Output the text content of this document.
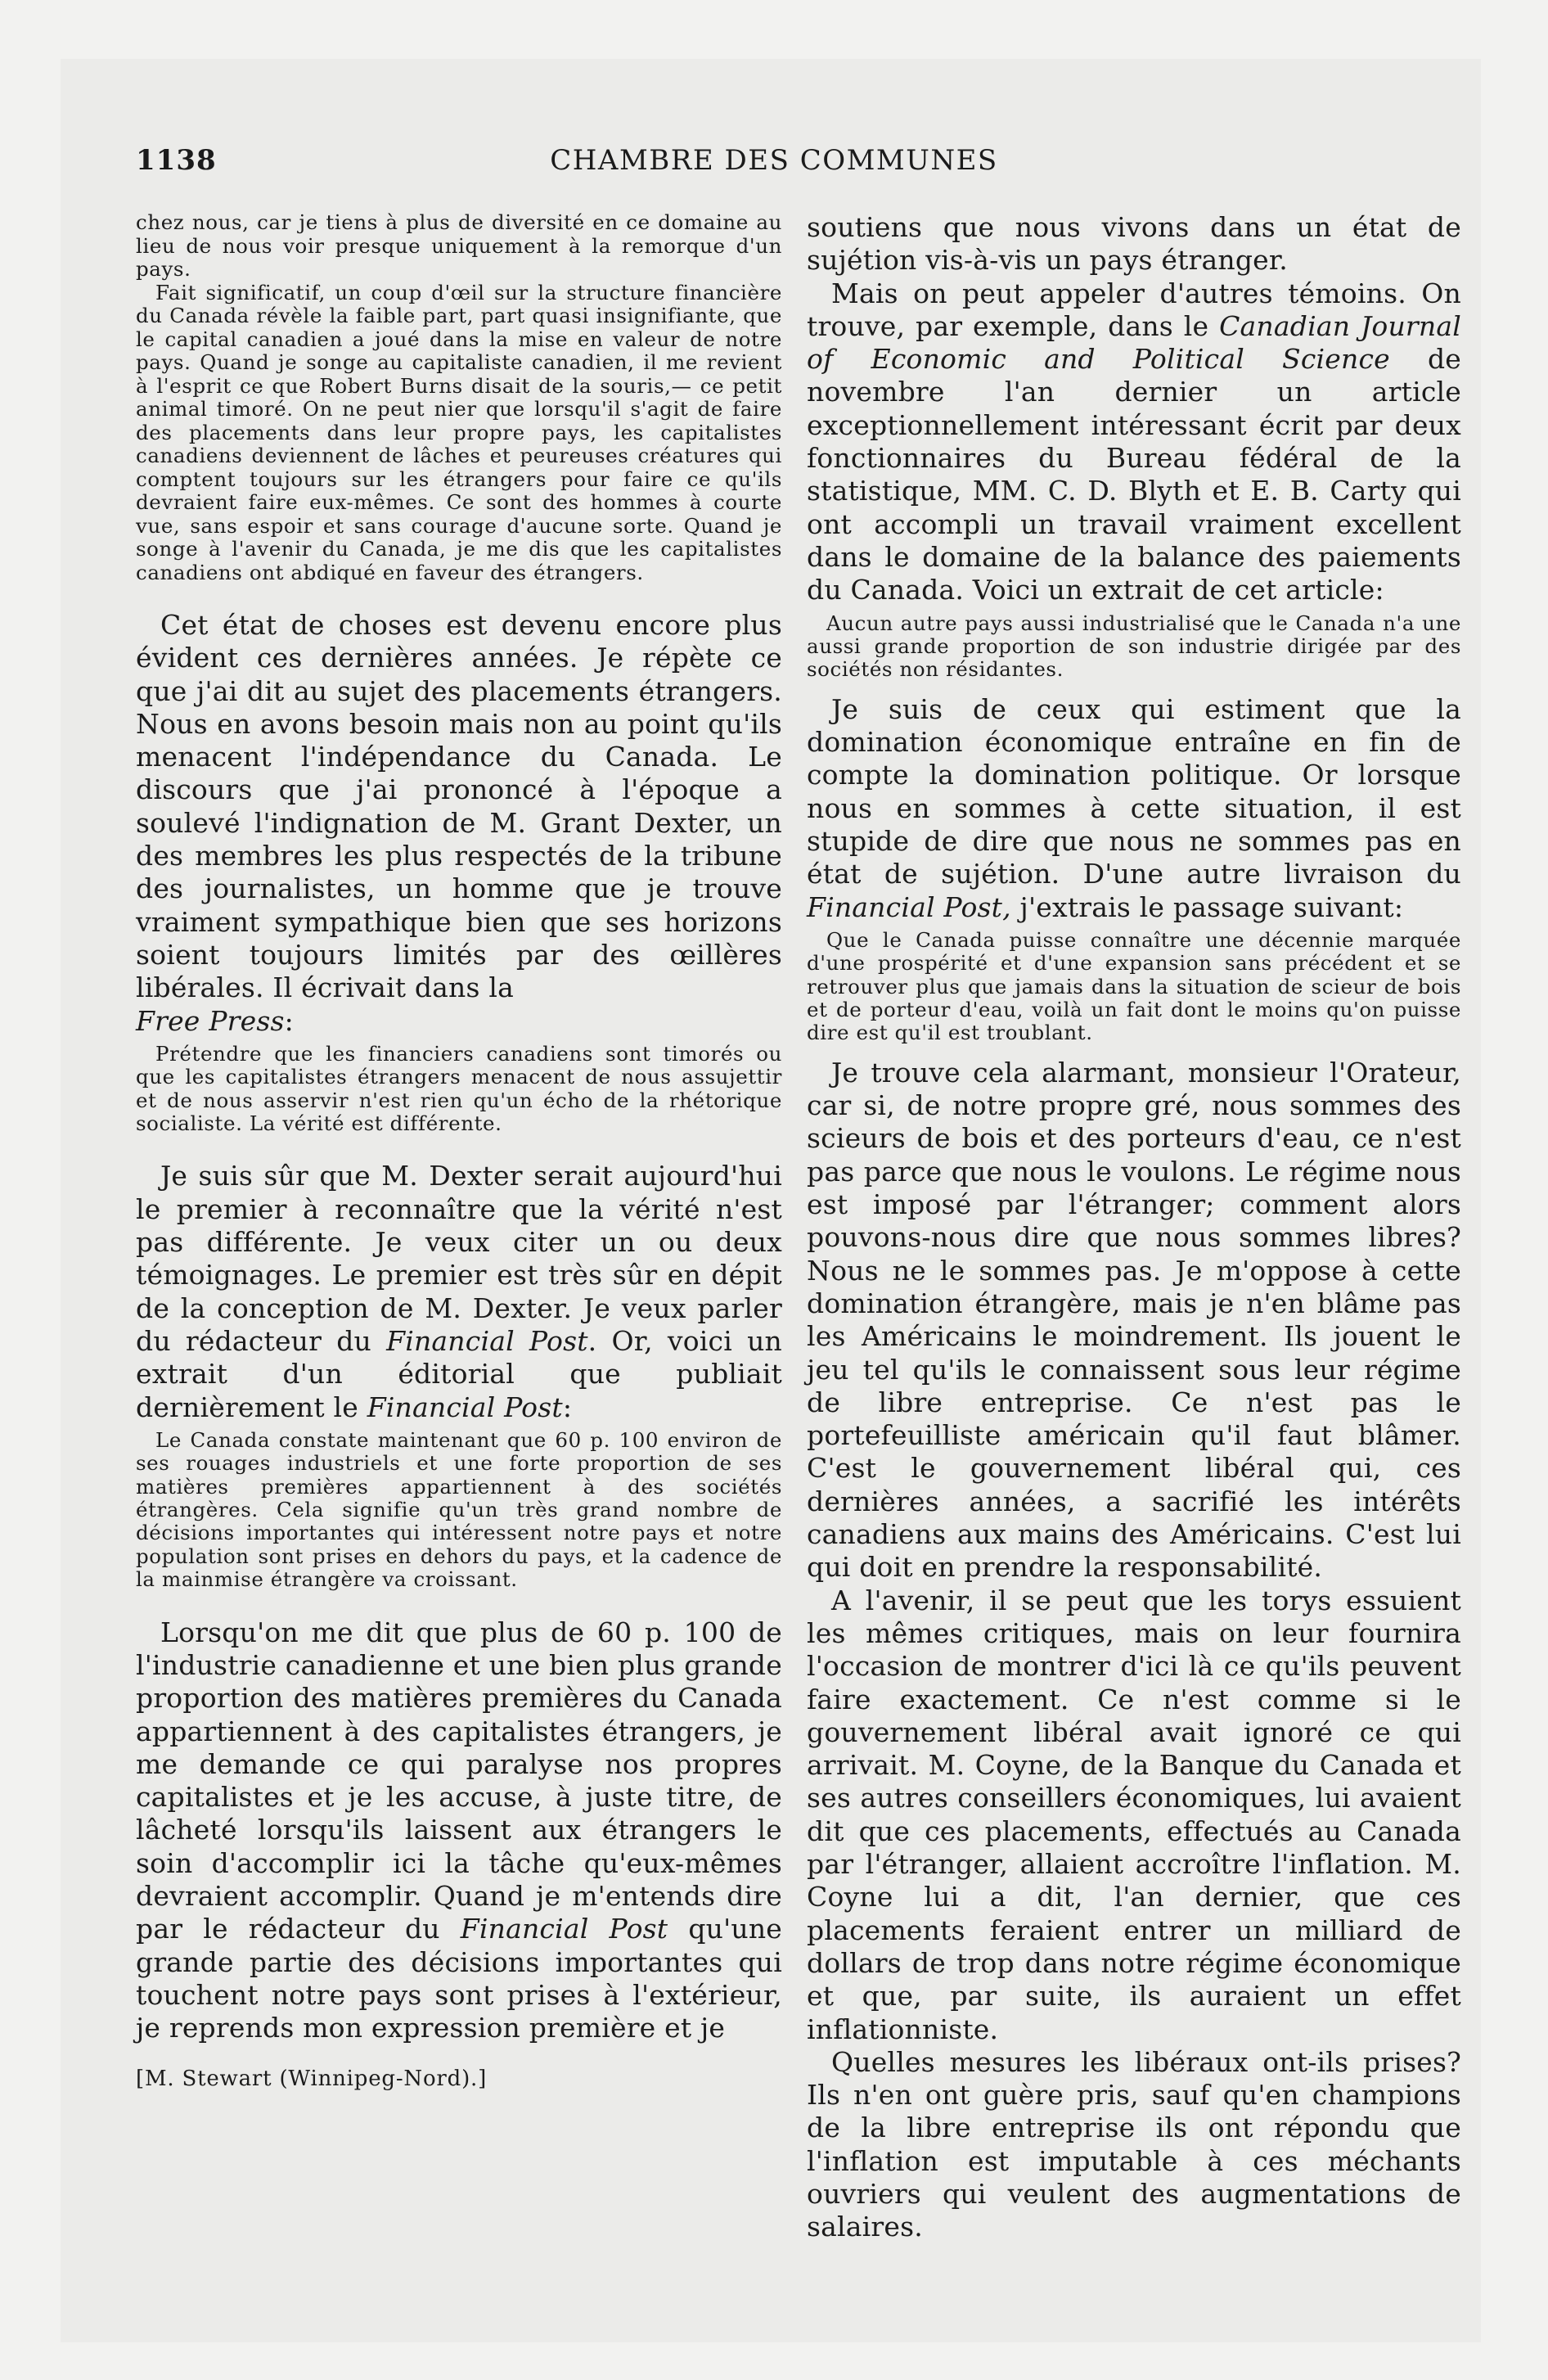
1138	CHAMBRE DES COMMUNES

chez nous, car je tiens à plus de diversité en ce domaine au lieu de nous voir presque uniquement à la remorque d'un pays.

Fait significatif, un coup d'œil sur la structure financière du Canada révèle la faible part, part quasi insignifiante, que le capital canadien a joué dans la mise en valeur de notre pays. Quand je songe au capitaliste canadien, il me revient à l'esprit ce que Robert Burns disait de la souris,— ce petit animal timoré. On ne peut nier que lorsqu'il s'agit de faire des placements dans leur propre pays, les capitalistes canadiens deviennent de lâches et peureuses créatures qui comptent toujours sur les étrangers pour faire ce qu'ils devraient faire eux-mêmes. Ce sont des hommes à courte vue, sans espoir et sans courage d'aucune sorte. Quand je songe à l'avenir du Canada, je me dis que les capitalistes canadiens ont abdiqué en faveur des étrangers.

Cet état de choses est devenu encore plus évident ces dernières années. Je répète ce que j'ai dit au sujet des placements étrangers. Nous en avons besoin mais non au point qu'ils menacent l'indépendance du Canada. Le discours que j'ai prononcé à l'époque a soulevé l'indignation de M. Grant Dexter, un des membres les plus respectés de la tribune des journalistes, un homme que je trouve vraiment sympathique bien que ses horizons soient toujours limités par des œillères libérales. Il écrivait dans la
Free Press:

Prétendre que les financiers canadiens sont timorés ou que les capitalistes étrangers menacent de nous assujettir et de nous asservir n'est rien qu'un écho de la rhétorique socialiste. La vérité est différente.

Je suis sûr que M. Dexter serait aujourd'hui le premier à reconnaître que la vérité n'est pas différente. Je veux citer un ou deux témoignages. Le premier est très sûr en dépit de la conception de M. Dexter. Je veux parler du rédacteur du Financial Post. Or, voici un extrait d'un éditorial que publiait dernièrement le Financial Post:

Le Canada constate maintenant que 60 p. 100 environ de ses rouages industriels et une forte proportion de ses matières premières appartiennent à des sociétés étrangères. Cela signifie qu'un très grand nombre de décisions importantes qui intéressent notre pays et notre population sont prises en dehors du pays, et la cadence de la mainmise étrangère va croissant.

Lorsqu'on me dit que plus de 60 p. 100 de l'industrie canadienne et une bien plus grande proportion des matières premières du Canada appartiennent à des capitalistes étrangers, je me demande ce qui paralyse nos propres capitalistes et je les accuse, à juste titre, de lâcheté lorsqu'ils laissent aux étrangers le soin d'accomplir ici la tâche qu'eux-mêmes devraient accomplir. Quand je m'entends dire par le rédacteur du Financial Post qu'une grande partie des décisions importantes qui touchent notre pays sont prises à l'extérieur, je reprends mon expression première et je

[M. Stewart (Winnipeg-Nord).]

soutiens que nous vivons dans un état de sujétion vis-à-vis un pays étranger.

Mais on peut appeler d'autres témoins. On trouve, par exemple, dans le Canadian Journal of Economic and Political Science de novembre l'an dernier un article exceptionnellement intéressant écrit par deux fonctionnaires du Bureau fédéral de la statistique, MM. C. D. Blyth et E. B. Carty qui ont accompli un travail vraiment excellent dans le domaine de la balance des paiements du Canada. Voici un extrait de cet article:

Aucun autre pays aussi industrialisé que le Canada n'a une aussi grande proportion de son industrie dirigée par des sociétés non résidantes.

Je suis de ceux qui estiment que la domination économique entraîne en fin de compte la domination politique. Or lorsque nous en sommes à cette situation, il est stupide de dire que nous ne sommes pas en état de sujétion. D'une autre livraison du Financial Post, j'extrais le passage suivant:

Que le Canada puisse connaître une décennie marquée d'une prospérité et d'une expansion sans précédent et se retrouver plus que jamais dans la situation de scieur de bois et de porteur d'eau, voilà un fait dont le moins qu'on puisse dire est qu'il est troublant.

Je trouve cela alarmant, monsieur l'Orateur, car si, de notre propre gré, nous sommes des scieurs de bois et des porteurs d'eau, ce n'est pas parce que nous le voulons. Le régime nous est imposé par l'étranger; comment alors pouvons-nous dire que nous sommes libres? Nous ne le sommes pas. Je m'oppose à cette domination étrangère, mais je n'en blâme pas les Américains le moindrement. Ils jouent le jeu tel qu'ils le connaissent sous leur régime de libre entreprise. Ce n'est pas le portefeuilliste américain qu'il faut blâmer. C'est le gouvernement libéral qui, ces dernières années, a sacrifié les intérêts canadiens aux mains des Américains. C'est lui qui doit en prendre la responsabilité.

A l'avenir, il se peut que les torys essuient les mêmes critiques, mais on leur fournira l'occasion de montrer d'ici là ce qu'ils peuvent faire exactement. Ce n'est comme si le gouvernement libéral avait ignoré ce qui arrivait. M. Coyne, de la Banque du Canada et ses autres conseillers économiques, lui avaient dit que ces placements, effectués au Canada par l'étranger, allaient accroître l'inflation. M. Coyne lui a dit, l'an dernier, que ces placements feraient entrer un milliard de dollars de trop dans notre régime économique et que, par suite, ils auraient un effet inflationniste.

Quelles mesures les libéraux ont-ils prises? Ils n'en ont guère pris, sauf qu'en champions de la libre entreprise ils ont répondu que l'inflation est imputable à ces méchants ouvriers qui veulent des augmentations de salaires.
